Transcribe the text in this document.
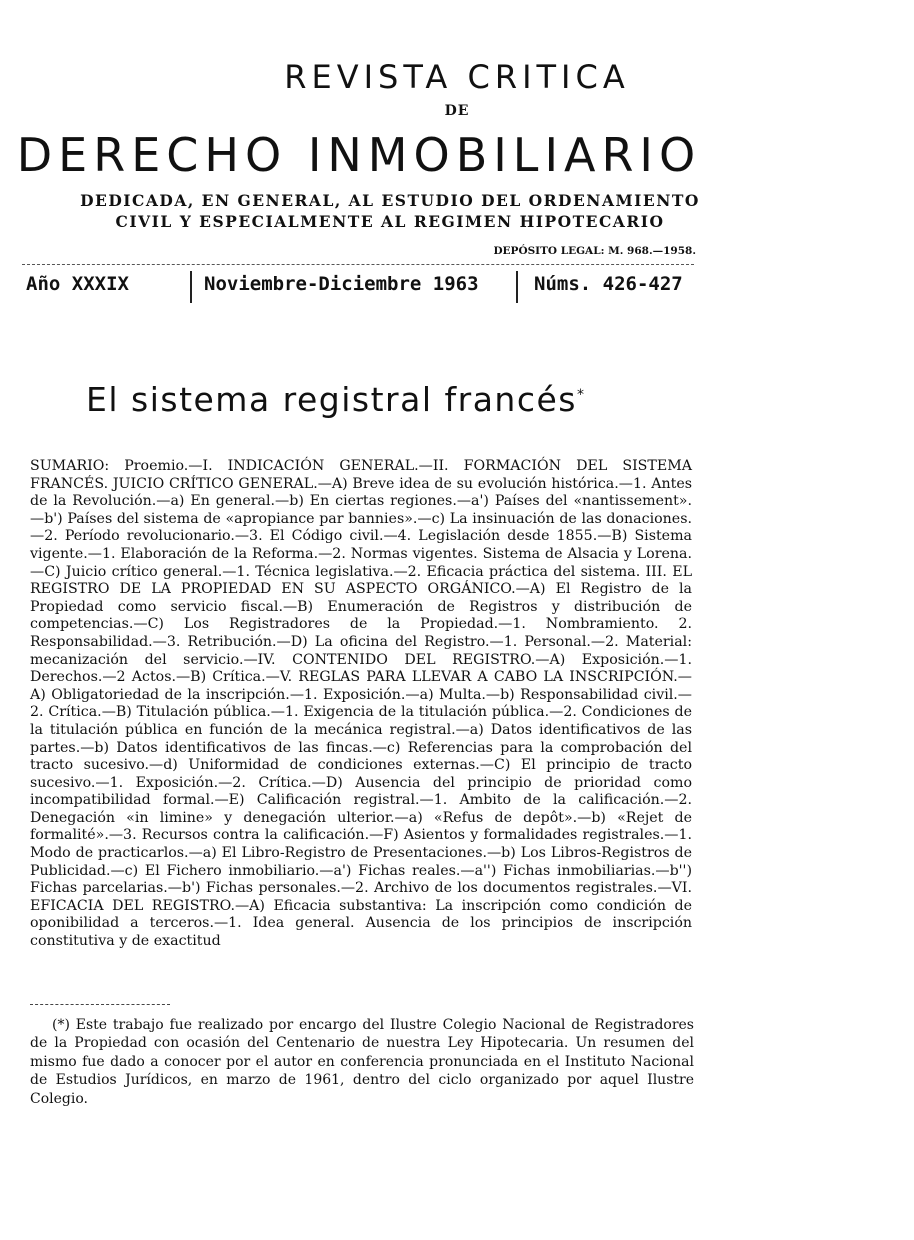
REVISTA CRITICA
DE
DERECHO INMOBILIARIO
DEDICADA, EN GENERAL, AL ESTUDIO DEL ORDENAMIENTO
CIVIL Y ESPECIALMENTE AL REGIMEN HIPOTECARIO
DEPÓSITO LEGAL: M. 968.—1958.
Año XXXIX	Noviembre-Diciembre 1963	Núms. 426-427
El sistema registral francés*

SUMARIO: Proemio.—I. INDICACIÓN GENERAL.—II. FORMACIÓN DEL SISTEMA FRANCÉS. JUICIO CRÍTICO GENERAL.—A) Breve idea de su evolución histórica.—1. Antes de la Revolución.—a) En general.—b) En ciertas regiones.—a') Países del «nantissement».—b') Países del sistema de «apropiance par bannies».—c) La insinuación de las donaciones.—2. Período revolucionario.—3. El Código civil.—4. Legislación desde 1855.—B) Sistema vigente.—1. Elaboración de la Reforma.—2. Normas vigentes. Sistema de Alsacia y Lorena.—C) Juicio crítico general.—1. Técnica legislativa.—2. Eficacia práctica del sistema. III. EL REGISTRO DE LA PROPIEDAD EN SU ASPECTO ORGÁNICO.—A) El Registro de la Propiedad como servicio fiscal.—B) Enumeración de Registros y distribución de competencias.—C) Los Registradores de la Propiedad.—1. Nombramiento. 2. Responsabilidad.—3. Retribución.—D) La oficina del Registro.—1. Personal.—2. Material: mecanización del servicio.—IV. CONTENIDO DEL REGISTRO.—A) Exposición.—1. Derechos.—2 Actos.—B) Crítica.—V. REGLAS PARA LLEVAR A CABO LA INSCRIPCIÓN.—A) Obligatoriedad de la inscripción.—1. Exposición.—a) Multa.—b) Responsabilidad civil.—2. Crítica.—B) Titulación pública.—1. Exigencia de la titulación pública.—2. Condiciones de la titulación pública en función de la mecánica registral.—a) Datos identificativos de las partes.—b) Datos identificativos de las fincas.—c) Referencias para la comprobación del tracto sucesivo.—d) Uniformidad de condiciones externas.—C) El principio de tracto sucesivo.—1. Exposición.—2. Crítica.—D) Ausencia del principio de prioridad como incompatibilidad formal.—E) Calificación registral.—1. Ambito de la calificación.—2. Denegación «in limine» y denegación ulterior.—a) «Refus de depôt».—b) «Rejet de formalité».—3. Recursos contra la calificación.—F) Asientos y formalidades registrales.—1. Modo de practicarlos.—a) El Libro-Registro de Presentaciones.—b) Los Libros-Registros de Publicidad.—c) El Fichero inmobiliario.—a') Fichas reales.—a'') Fichas inmobiliarias.—b'') Fichas parcelarias.—b') Fichas personales.—2. Archivo de los documentos registrales.—VI. EFICACIA DEL REGISTRO.—A) Eficacia substantiva: La inscripción como condición de oponibilidad a terceros.—1. Idea general. Ausencia de los principios de inscripción constitutiva y de exactitud

(*) Este trabajo fue realizado por encargo del Ilustre Colegio Nacional de Registradores de la Propiedad con ocasión del Centenario de nuestra Ley Hipotecaria. Un resumen del mismo fue dado a conocer por el autor en conferencia pronunciada en el Instituto Nacional de Estudios Jurídicos, en marzo de 1961, dentro del ciclo organizado por aquel Ilustre Colegio.
